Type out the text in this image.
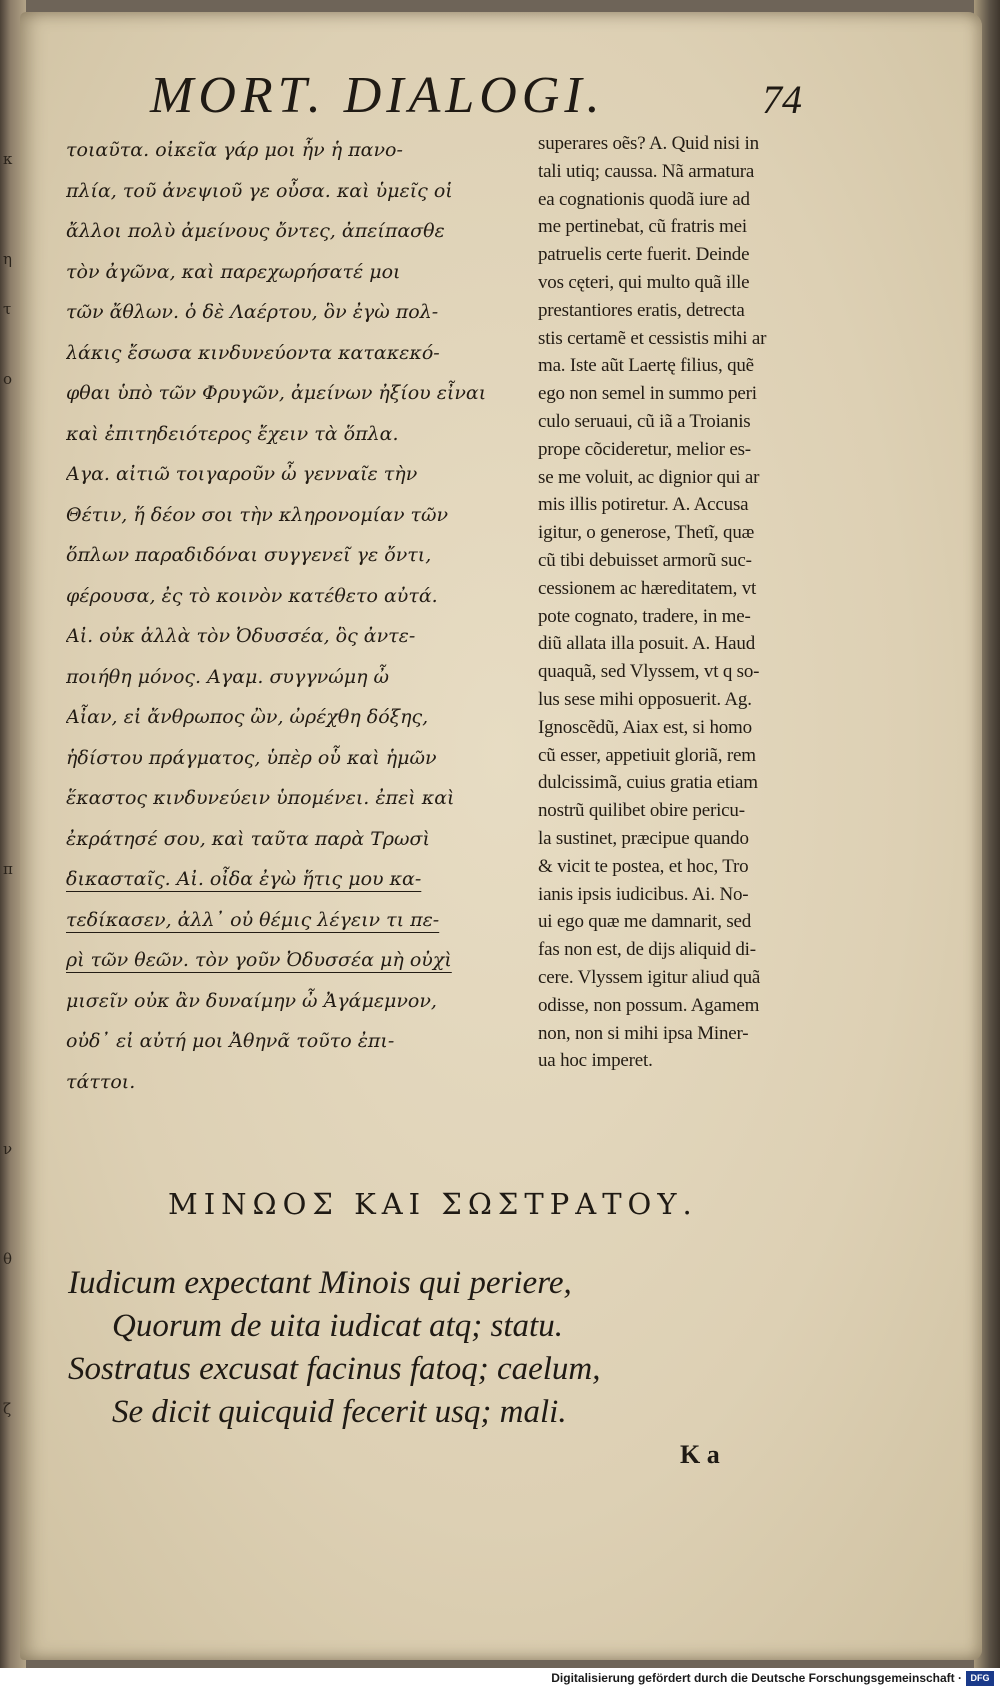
κ
η
τ
ο
π
ν
θ
ζ
MORT. DIALOGI.	74
τοιαῦτα. οἰκεῖα γάρ μοι ἦν ἡ πανο-
πλία, τοῦ ἀνεψιοῦ γε οὖσα. καὶ ὑμεῖς οἱ
ἄλλοι πολὺ ἀμείνους ὄντες, ἀπείπασθε
τὸν ἀγῶνα, καὶ παρεχωρήσατέ μοι
τῶν ἄθλων. ὁ δὲ Λαέρτου, ὃν ἐγὼ πολ-
λάκις ἔσωσα κινδυνεύοντα κατακεκό-
φθαι ὑπὸ τῶν Φρυγῶν, ἀμείνων ἠξίου εἶναι
καὶ ἐπιτηδειότερος ἔχειν τὰ ὅπλα.
Αγα. αἰτιῶ τοιγαροῦν ὦ γενναῖε τὴν
Θέτιν, ἥ δέον σοι τὴν κληρονομίαν τῶν
ὅπλων παραδιδόναι συγγενεῖ γε ὄντι,
φέρουσα, ἐς τὸ κοινὸν κατέθετο αὐτά.
Αἰ. οὐκ ἀλλὰ τὸν Ὀδυσσέα, ὃς ἀντε-
ποιήθη μόνος. Αγαμ. συγγνώμη ὦ
Αἶαν, εἰ ἄνθρωπος ὢν, ὠρέχθη δόξης,
ἡδίστου πράγματος, ὑπὲρ οὗ καὶ ἡμῶν
ἕκαστος κινδυνεύειν ὑπομένει. ἐπεὶ καὶ
ἐκράτησέ σου, καὶ ταῦτα παρὰ Τρωσὶ
δικασταῖς. Αἰ. οἶδα ἐγὼ ἥτις μου κα-
τεδίκασεν, ἀλλ᾽ οὐ θέμις λέγειν τι πε-
ρὶ τῶν θεῶν. τὸν γοῦν Ὀδυσσέα μὴ οὐχὶ
μισεῖν οὐκ ἂν δυναίμην ὦ Ἀγάμεμνον,
οὐδ᾽ εἰ αὐτή μοι Ἀθηνᾶ τοῦτο ἐπι-
τάττοι.
superares oẽs? A. Quid nisi in
tali utiq; caussa. Nã armatura
ea cognationis quodã iure ad
me pertinebat, cũ fratris mei
patruelis certe fuerit. Deinde
vos cęteri, qui multo quã ille
prestantiores eratis, detrecta
stis certamẽ et cessistis mihi ar
ma. Iste aũt Laertę filius, quẽ
ego non semel in summo peri
culo seruaui, cũ iã a Troianis
prope cõcideretur, melior es-
se me voluit, ac dignior qui ar
mis illis potiretur. A. Accusa
igitur, o generose, Thetĩ, quæ
cũ tibi debuisset armorũ suc-
cessionem ac hæreditatem, vt
pote cognato, tradere, in me-
diũ allata illa posuit. A. Haud
quaquã, sed Vlyssem, vt q so-
lus sese mihi opposuerit. Ag.
Ignoscẽdũ, Aiax est, si homo
cũ esser, appetiuit gloriã, rem
dulcissimã, cuius gratia etiam
nostrũ quilibet obire pericu-
la sustinet, præcipue quando
& vicit te postea, et hoc, Tro
ianis ipsis iudicibus. Ai. No-
ui ego quæ me damnarit, sed
fas non est, de dijs aliquid di-
cere. Vlyssem igitur aliud quã
odisse, non possum. Agamem
non, non si mihi ipsa Miner-
ua hoc imperet.
ΜΙΝΩΟΣ ΚΑΙ ΣΩΣΤΡΑΤΟΥ.
Iudicum expectant Minois qui periere,
Quorum de uita iudicat atq; statu.
Sostratus excusat facinus fatoq; caelum,
Se dicit quicquid fecerit usq; mali.
K a
Digitalisierung gefördert durch die Deutsche Forschungsgemeinschaft · DFG
